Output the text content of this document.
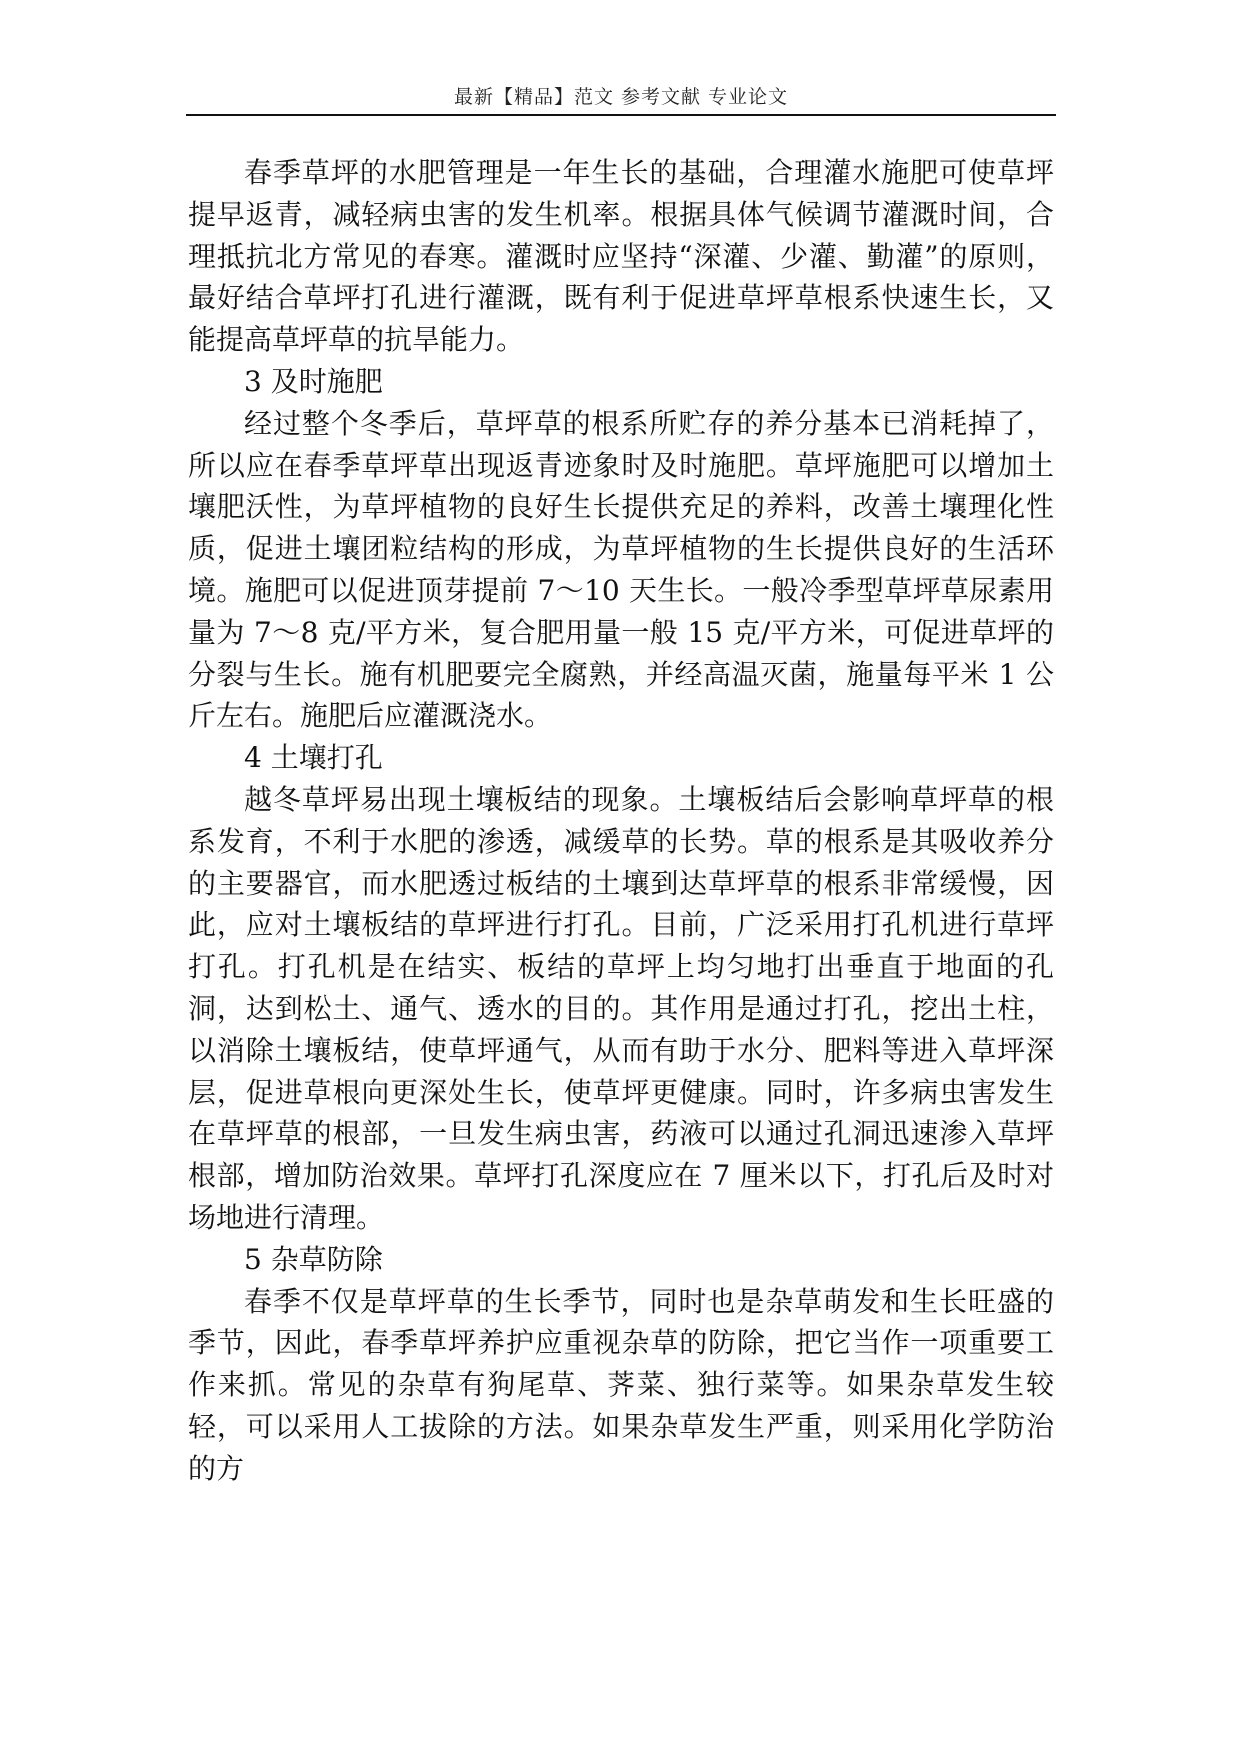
最新【精品】范文 参考文献 专业论文

春季草坪的水肥管理是一年生长的基础，合理灌水施肥可使草坪提早返青，减轻病虫害的发生机率。根据具体气候调节灌溉时间，合理抵抗北方常见的春寒。灌溉时应坚持“深灌、少灌、勤灌”的原则，最好结合草坪打孔进行灌溉，既有利于促进草坪草根系快速生长，又能提高草坪草的抗旱能力。

3 及时施肥

经过整个冬季后，草坪草的根系所贮存的养分基本已消耗掉了，所以应在春季草坪草出现返青迹象时及时施肥。草坪施肥可以增加土壤肥沃性，为草坪植物的良好生长提供充足的养料，改善土壤理化性质，促进土壤团粒结构的形成，为草坪植物的生长提供良好的生活环境。施肥可以促进顶芽提前 7～10 天生长。一般冷季型草坪草尿素用量为 7～8 克/平方米，复合肥用量一般 15 克/平方米，可促进草坪的分裂与生长。施有机肥要完全腐熟，并经高温灭菌，施量每平米 1 公斤左右。施肥后应灌溉浇水。

4 土壤打孔

越冬草坪易出现土壤板结的现象。土壤板结后会影响草坪草的根系发育，不利于水肥的渗透，减缓草的长势。草的根系是其吸收养分的主要器官，而水肥透过板结的土壤到达草坪草的根系非常缓慢，因此，应对土壤板结的草坪进行打孔。目前，广泛采用打孔机进行草坪打孔。打孔机是在结实、板结的草坪上均匀地打出垂直于地面的孔洞，达到松土、通气、透水的目的。其作用是通过打孔，挖出土柱，以消除土壤板结，使草坪通气，从而有助于水分、肥料等进入草坪深层，促进草根向更深处生长，使草坪更健康。同时，许多病虫害发生在草坪草的根部，一旦发生病虫害，药液可以通过孔洞迅速渗入草坪根部，增加防治效果。草坪打孔深度应在 7 厘米以下，打孔后及时对场地进行清理。

5 杂草防除

春季不仅是草坪草的生长季节，同时也是杂草萌发和生长旺盛的季节，因此，春季草坪养护应重视杂草的防除，把它当作一项重要工作来抓。常见的杂草有狗尾草、荠菜、独行菜等。如果杂草发生较轻，可以采用人工拔除的方法。如果杂草发生严重，则采用化学防治的方
